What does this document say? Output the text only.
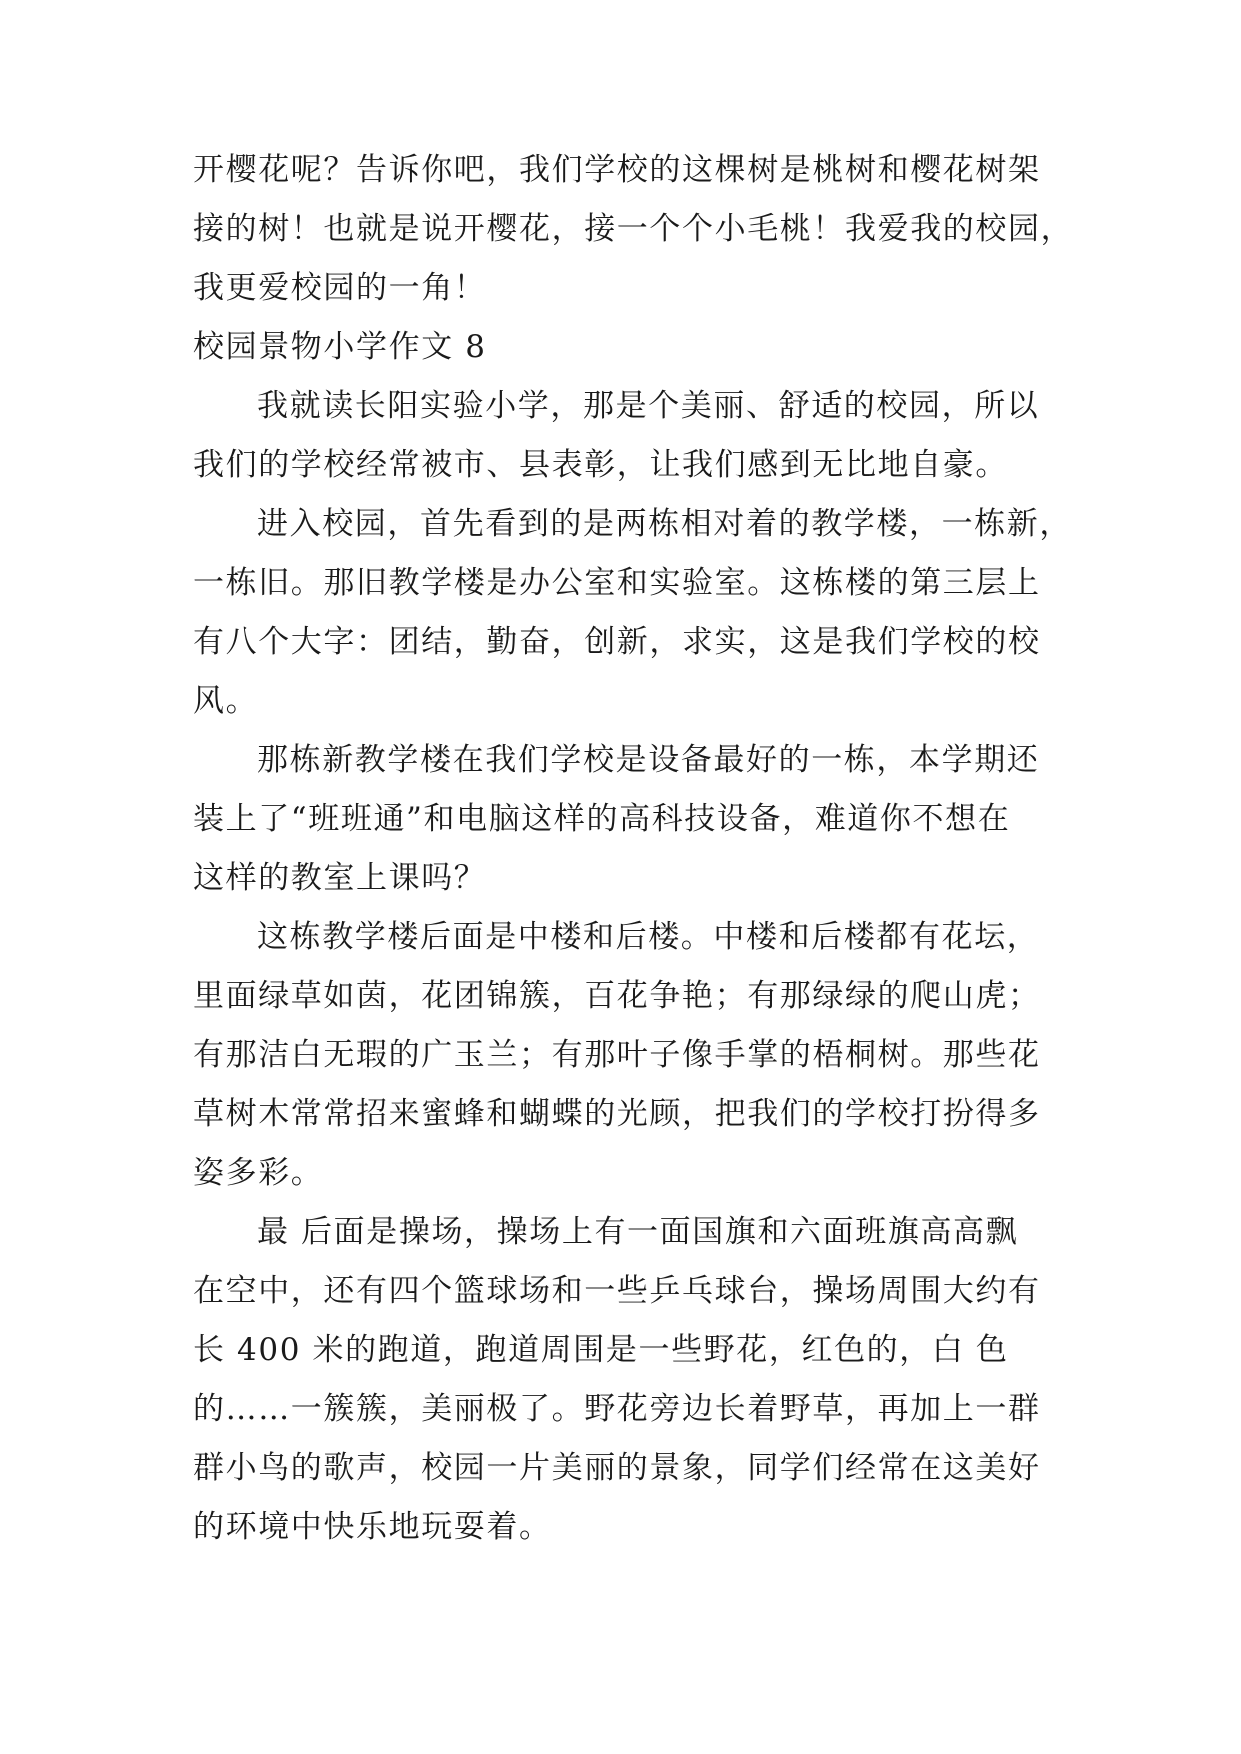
开樱花呢？告诉你吧，我们学校的这棵树是桃树和樱花树架
接的树！也就是说开樱花，接一个个小毛桃！我爱我的校园，
我更爱校园的一角！
校园景物小学作文 8
我就读长阳实验小学，那是个美丽、舒适的校园，所以
我们的学校经常被市、县表彰，让我们感到无比地自豪。
进入校园，首先看到的是两栋相对着的教学楼，一栋新，
一栋旧。那旧教学楼是办公室和实验室。这栋楼的第三层上
有八个大字：团结，勤奋，创新，求实，这是我们学校的校
风。
那栋新教学楼在我们学校是设备最好的一栋，本学期还
装上了“班班通”和电脑这样的高科技设备，难道你不想在
这样的教室上课吗？
这栋教学楼后面是中楼和后楼。中楼和后楼都有花坛，
里面绿草如茵，花团锦簇，百花争艳；有那绿绿的爬山虎；
有那洁白无瑕的广玉兰；有那叶子像手掌的梧桐树。那些花
草树木常常招来蜜蜂和蝴蝶的光顾，把我们的学校打扮得多
姿多彩。
最 后面是操场，操场上有一面国旗和六面班旗高高飘
在空中，还有四个篮球场和一些乒乓球台，操场周围大约有
长 400 米的跑道，跑道周围是一些野花，红色的，白 色
的……一簇簇，美丽极了。野花旁边长着野草，再加上一群
群小鸟的歌声，校园一片美丽的景象，同学们经常在这美好
的环境中快乐地玩耍着。
